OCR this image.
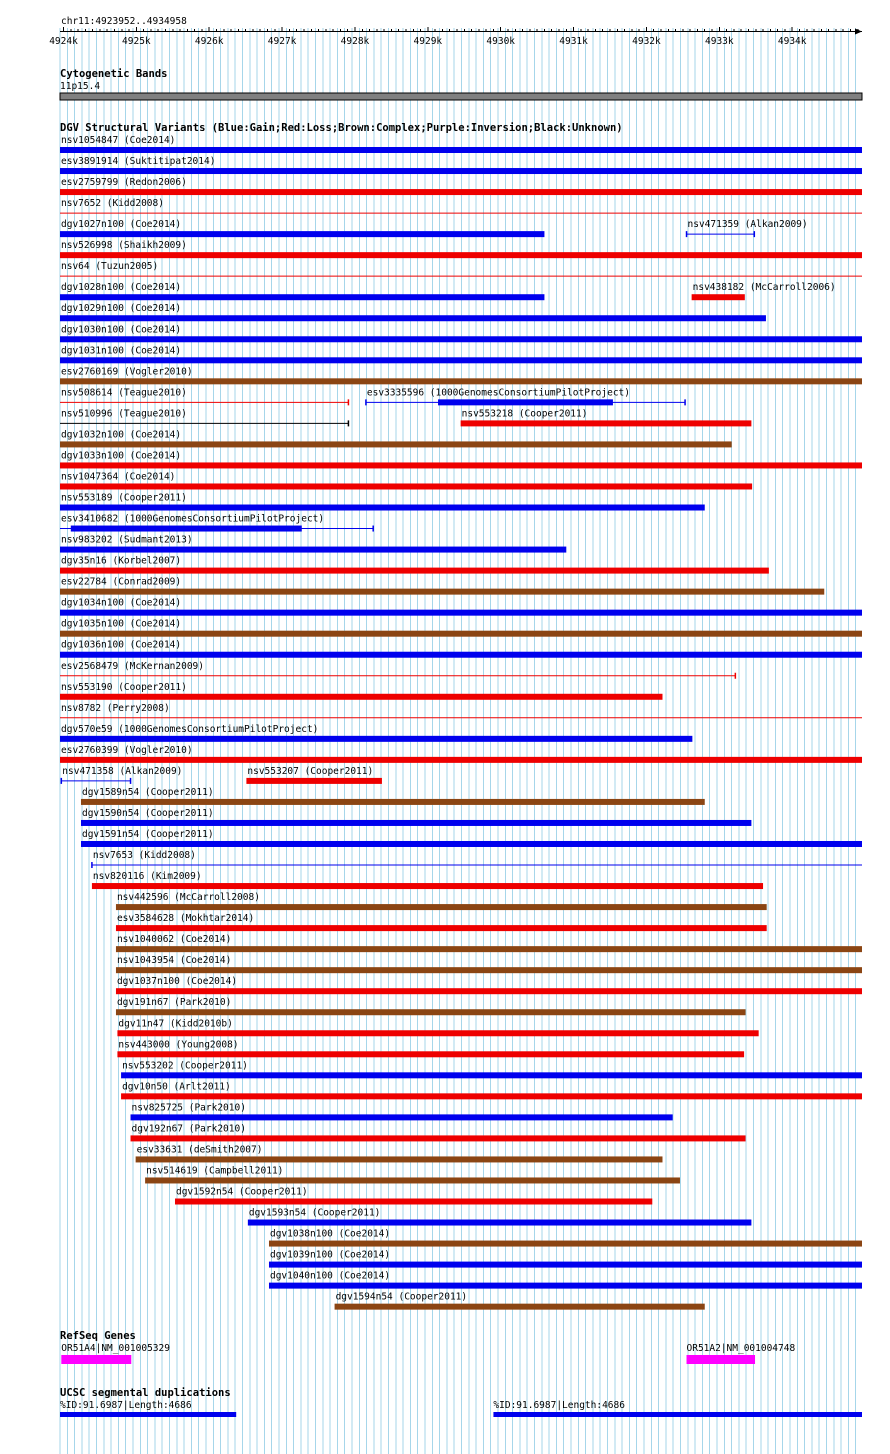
chr11:4923952..4934958
4924k	4925k	4926k	4927k	4928k	4929k	4930k	4931k	4932k	4933k	4934k
Cytogenetic Bands
11p15.4
DGV Structural Variants (Blue:Gain;Red:Loss;Brown:Complex;Purple:Inversion;Black:Unknown)
nsv1054847 (Coe2014)
esv3891914 (Suktitipat2014)
esv2759799 (Redon2006)
nsv7652 (Kidd2008)
dgv1027n100 (Coe2014)	nsv471359 (Alkan2009)
nsv526998 (Shaikh2009)
nsv64 (Tuzun2005)
dgv1028n100 (Coe2014)	nsv438182 (McCarroll2006)
dgv1029n100 (Coe2014)
dgv1030n100 (Coe2014)
dgv1031n100 (Coe2014)
esv2760169 (Vogler2010)
nsv508614 (Teague2010)	esv3335596 (1000GenomesConsortiumPilotProject)
nsv510996 (Teague2010)	nsv553218 (Cooper2011)
dgv1032n100 (Coe2014)
dgv1033n100 (Coe2014)
nsv1047364 (Coe2014)
nsv553189 (Cooper2011)
esv3410682 (1000GenomesConsortiumPilotProject)
nsv983202 (Sudmant2013)
dgv35n16 (Korbel2007)
esv22784 (Conrad2009)
dgv1034n100 (Coe2014)
dgv1035n100 (Coe2014)
dgv1036n100 (Coe2014)
esv2568479 (McKernan2009)
nsv553190 (Cooper2011)
nsv8782 (Perry2008)
dgv570e59 (1000GenomesConsortiumPilotProject)
esv2760399 (Vogler2010)
nsv471358 (Alkan2009)	nsv553207 (Cooper2011)
dgv1589n54 (Cooper2011)
dgv1590n54 (Cooper2011)
dgv1591n54 (Cooper2011)
nsv7653 (Kidd2008)
nsv820116 (Kim2009)
nsv442596 (McCarroll2008)
esv3584628 (Mokhtar2014)
nsv1040062 (Coe2014)
nsv1043954 (Coe2014)
dgv1037n100 (Coe2014)
dgv191n67 (Park2010)
dgv11n47 (Kidd2010b)
nsv443000 (Young2008)
nsv553202 (Cooper2011)
dgv10n50 (Arlt2011)
nsv825725 (Park2010)
dgv192n67 (Park2010)
esv33631 (deSmith2007)
nsv514619 (Campbell2011)
dgv1592n54 (Cooper2011)
dgv1593n54 (Cooper2011)
dgv1038n100 (Coe2014)
dgv1039n100 (Coe2014)
dgv1040n100 (Coe2014)
dgv1594n54 (Cooper2011)
RefSeq Genes
OR51A4|NM_001005329	OR51A2|NM_001004748
UCSC segmental duplications
%ID:91.6987|Length:4686	%ID:91.6987|Length:4686
